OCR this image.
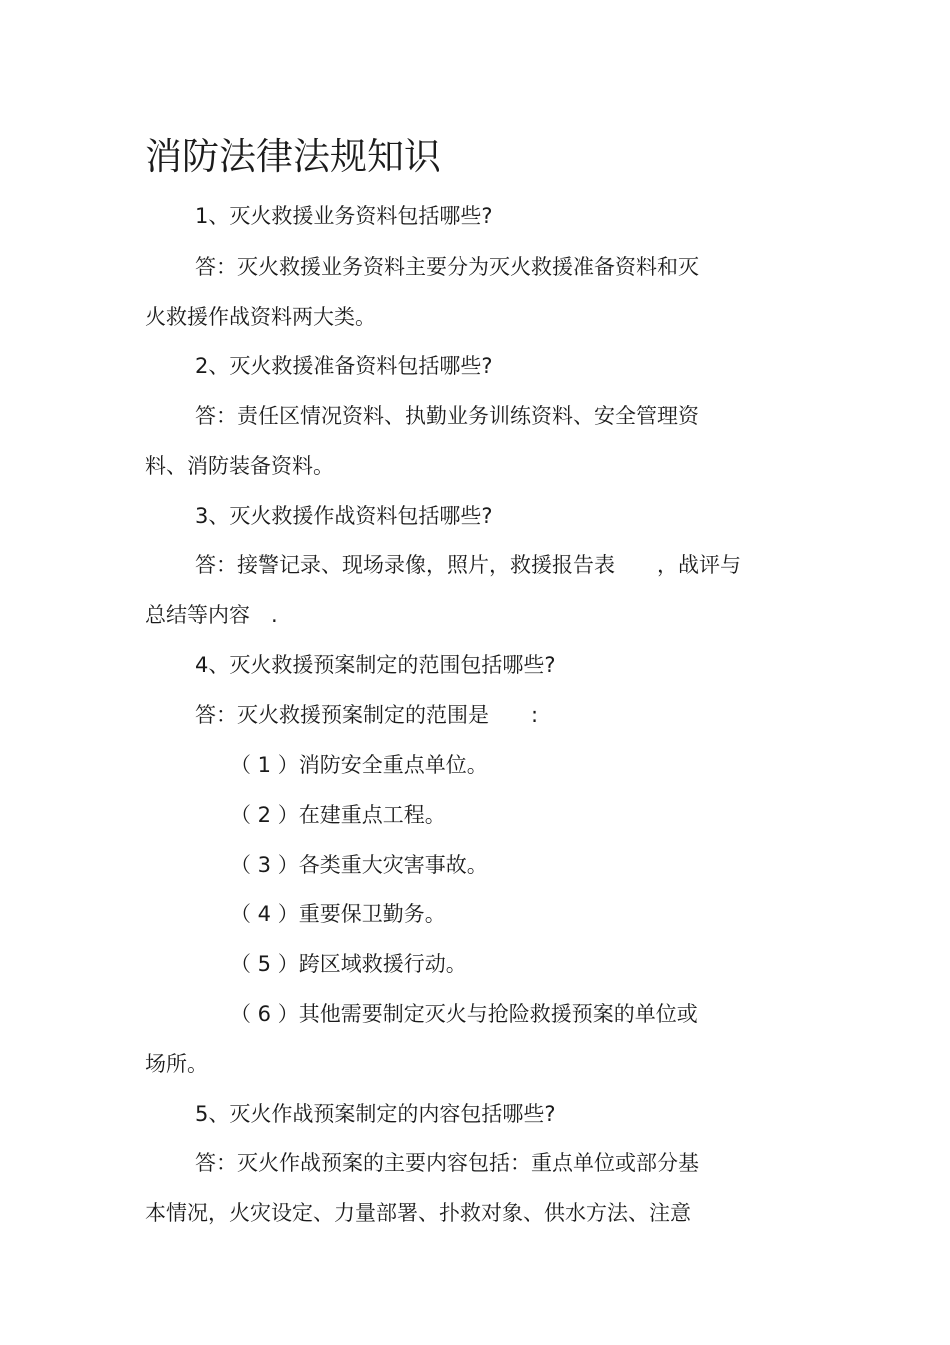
消防法律法规知识
1、灭火救援业务资料包括哪些?
答：灭火救援业务资料主要分为灭火救援准备资料和灭
火救援作战资料两大类。
2、灭火救援准备资料包括哪些?
答：责任区情况资料、执勤业务训练资料、安全管理资
料、消防装备资料。
3、灭火救援作战资料包括哪些?
答：接警记录、现场录像，照片，救援报告表　　，战评与
总结等内容　.
4、灭火救援预案制定的范围包括哪些?
答：灭火救援预案制定的范围是　　:
（ 1 ）消防安全重点单位。
（ 2 ）在建重点工程。
（ 3 ）各类重大灾害事故。
（ 4 ）重要保卫勤务。
（ 5 ）跨区域救援行动。
（ 6 ）其他需要制定灭火与抢险救援预案的单位或
场所。
5、灭火作战预案制定的内容包括哪些?
答：灭火作战预案的主要内容包括：重点单位或部分基
本情况，火灾设定、力量部署、扑救对象、供水方法、注意
